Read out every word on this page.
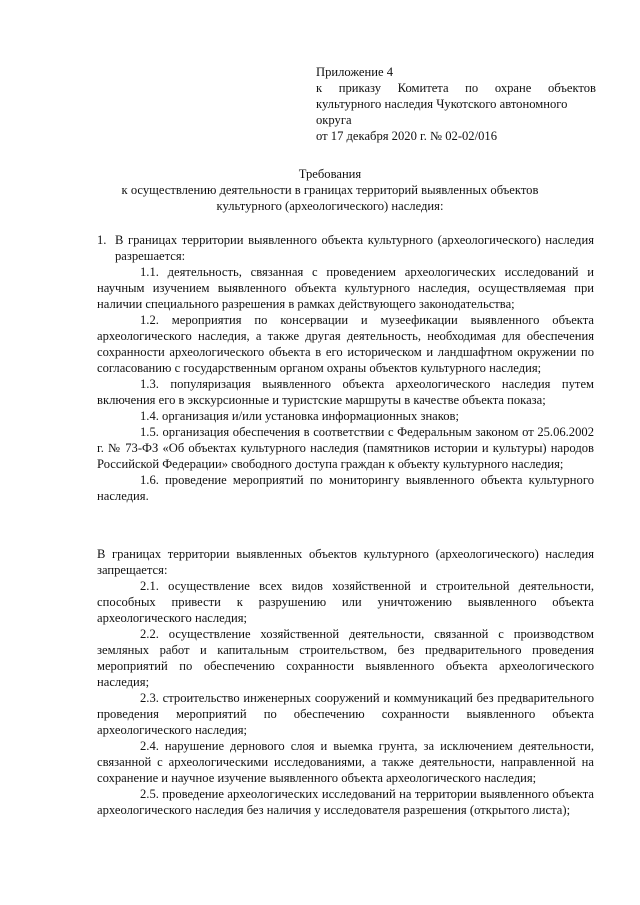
Приложение 4
к приказу Комитета по охране объектов
культурного наследия Чукотского автономного
округа
от 17 декабря 2020 г. № 02-02/016
Требования
к осуществлению деятельности в границах территорий выявленных объектов
культурного (археологического) наследия:

1. В границах территории выявленного объекта культурного (археологического) наследия разрешается:

1.1. деятельность, связанная с проведением археологических исследований и научным изучением выявленного объекта культурного наследия, осуществляемая при наличии специального разрешения в рамках действующего законодательства;

1.2. мероприятия по консервации и музеефикации выявленного объекта археологического наследия, а также другая деятельность, необходимая для обеспечения сохранности археологического объекта в его историческом и ландшафтном окружении по согласованию с государственным органом охраны объектов культурного наследия;

1.3. популяризация выявленного объекта археологического наследия путем включения его в экскурсионные и туристские маршруты в качестве объекта показа;

1.4. организация и/или установка информационных знаков;

1.5. организация обеспечения в соответствии с Федеральным законом от 25.06.2002 г. № 73-ФЗ «Об объектах культурного наследия (памятников истории и культуры) народов Российской Федерации» свободного доступа граждан к объекту культурного наследия;

1.6. проведение мероприятий по мониторингу выявленного объекта культурного наследия.

В границах территории выявленных объектов культурного (археологического) наследия запрещается:

2.1. осуществление всех видов хозяйственной и строительной деятельности, способных привести к разрушению или уничтожению выявленного объекта археологического наследия;

2.2. осуществление хозяйственной деятельности, связанной с производством земляных работ и капитальным строительством, без предварительного проведения мероприятий по обеспечению сохранности выявленного объекта археологического наследия;

2.3. строительство инженерных сооружений и коммуникаций без предварительного проведения мероприятий по обеспечению сохранности выявленного объекта археологического наследия;

2.4. нарушение дернового слоя и выемка грунта, за исключением деятельности, связанной с археологическими исследованиями, а также деятельности, направленной на сохранение и научное изучение выявленного объекта археологического наследия;

2.5. проведение археологических исследований на территории выявленного объекта археологического наследия без наличия у исследователя разрешения (открытого листа);
